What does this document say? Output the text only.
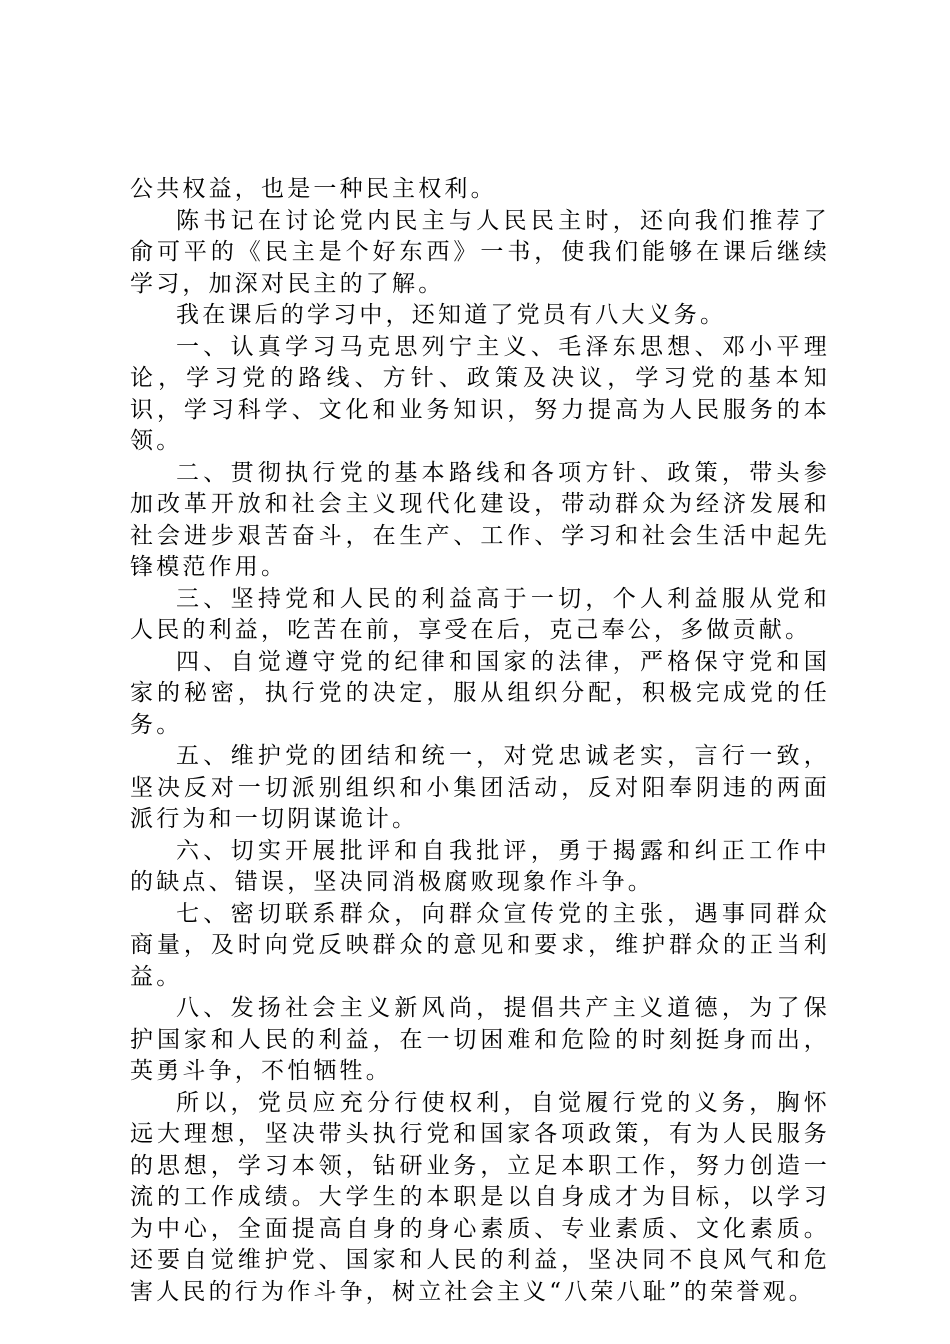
公共权益，也是一种民主权利。

陈书记在讨论党内民主与人民民主时，还向我们推荐了俞可平的《民主是个好东西》一书，使我们能够在课后继续学习，加深对民主的了解。

我在课后的学习中，还知道了党员有八大义务。

一、认真学习马克思列宁主义、毛泽东思想、邓小平理论，学习党的路线、方针、政策及决议，学习党的基本知识，学习科学、文化和业务知识，努力提高为人民服务的本领。

二、贯彻执行党的基本路线和各项方针、政策，带头参加改革开放和社会主义现代化建设，带动群众为经济发展和社会进步艰苦奋斗，在生产、工作、学习和社会生活中起先锋模范作用。

三、坚持党和人民的利益高于一切，个人利益服从党和人民的利益，吃苦在前，享受在后，克己奉公，多做贡献。

四、自觉遵守党的纪律和国家的法律，严格保守党和国家的秘密，执行党的决定，服从组织分配，积极完成党的任务。

五、维护党的团结和统一，对党忠诚老实，言行一致，坚决反对一切派别组织和小集团活动，反对阳奉阴违的两面派行为和一切阴谋诡计。

六、切实开展批评和自我批评，勇于揭露和纠正工作中的缺点、错误，坚决同消极腐败现象作斗争。

七、密切联系群众，向群众宣传党的主张，遇事同群众商量，及时向党反映群众的意见和要求，维护群众的正当利益。

八、发扬社会主义新风尚，提倡共产主义道德，为了保护国家和人民的利益，在一切困难和危险的时刻挺身而出，英勇斗争，不怕牺牲。

所以，党员应充分行使权利，自觉履行党的义务，胸怀远大理想，坚决带头执行党和国家各项政策，有为人民服务的思想，学习本领，钻研业务，立足本职工作，努力创造一流的工作成绩。大学生的本职是以自身成才为目标，以学习为中心，全面提高自身的身心素质、专业素质、文化素质。还要自觉维护党、国家和人民的利益，坚决同不良风气和危害人民的行为作斗争，树立社会主义“八荣八耻”的荣誉观。
